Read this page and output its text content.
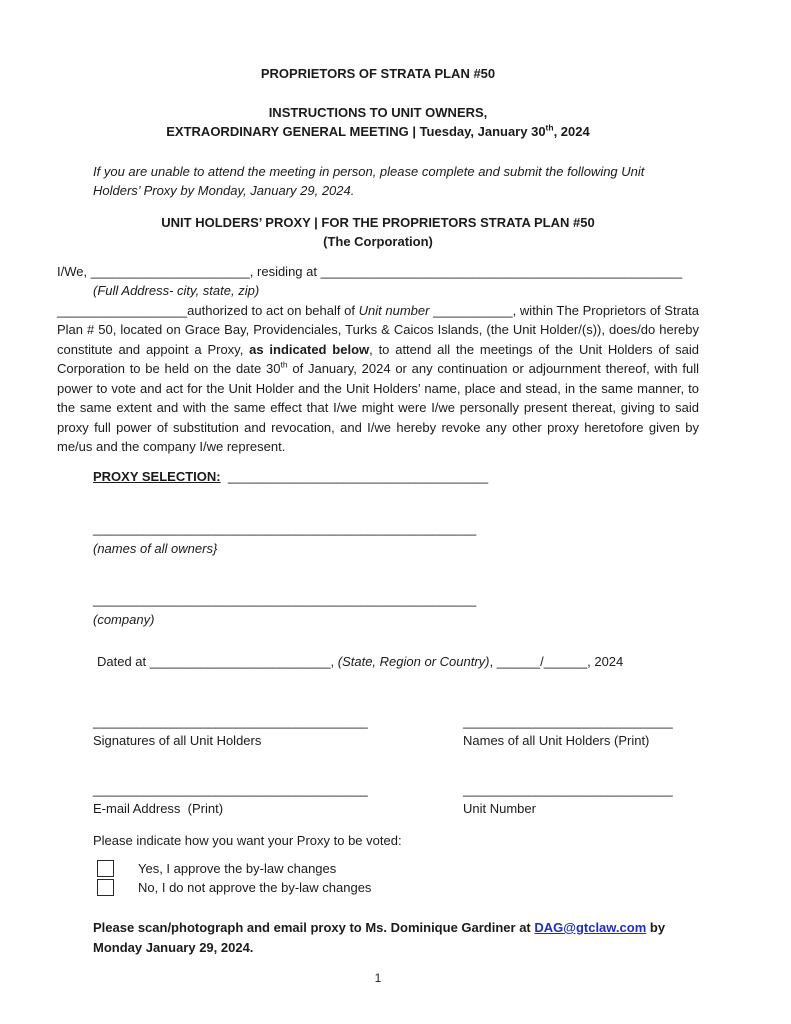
PROPRIETORS OF STRATA PLAN #50
INSTRUCTIONS TO UNIT OWNERS,
EXTRAORDINARY GENERAL MEETING | Tuesday, January 30th, 2024
If you are unable to attend the meeting in person, please complete and submit the following Unit Holders’ Proxy by Monday, January 29, 2024.
UNIT HOLDERS’ PROXY | FOR THE PROPRIETORS STRATA PLAN #50
(The Corporation)

I/We, ______________________, residing at __________________________________________________
(Full Address- city, state, zip)
__________________authorized to act on behalf of Unit number ___________, within The Proprietors of Strata Plan # 50, located on Grace Bay, Providenciales, Turks & Caicos Islands, (the Unit Holder/(s)), does/do hereby constitute and appoint a Proxy, as indicated below, to attend all the meetings of the Unit Holders of said Corporation to be held on the date 30th of January, 2024 or any continuation or adjournment thereof, with full power to vote and act for the Unit Holder and the Unit Holders’ name, place and stead, in the same manner, to the same extent and with the same effect that I/we might were I/we personally present thereat, giving to said proxy full power of substitution and revocation, and I/we hereby revoke any other proxy heretofore given by me/us and the company I/we represent.

PROXY SELECTION: ____________________________________
_____________________________________________________
(names of all owners}
_____________________________________________________
(company)
Dated at _________________________, (State, Region or Country), ______/______, 2024
______________________________________
Signatures of all Unit Holders
_____________________________
Names of all Unit Holders (Print)
______________________________________
E-mail Address  (Print)
_____________________________
Unit Number
Please indicate how you want your Proxy to be voted:
Yes, I approve the by-law changes
No, I do not approve the by-law changes
Please scan/photograph and email proxy to Ms. Dominique Gardiner at DAG@gtclaw.com by Monday January 29, 2024.
1
